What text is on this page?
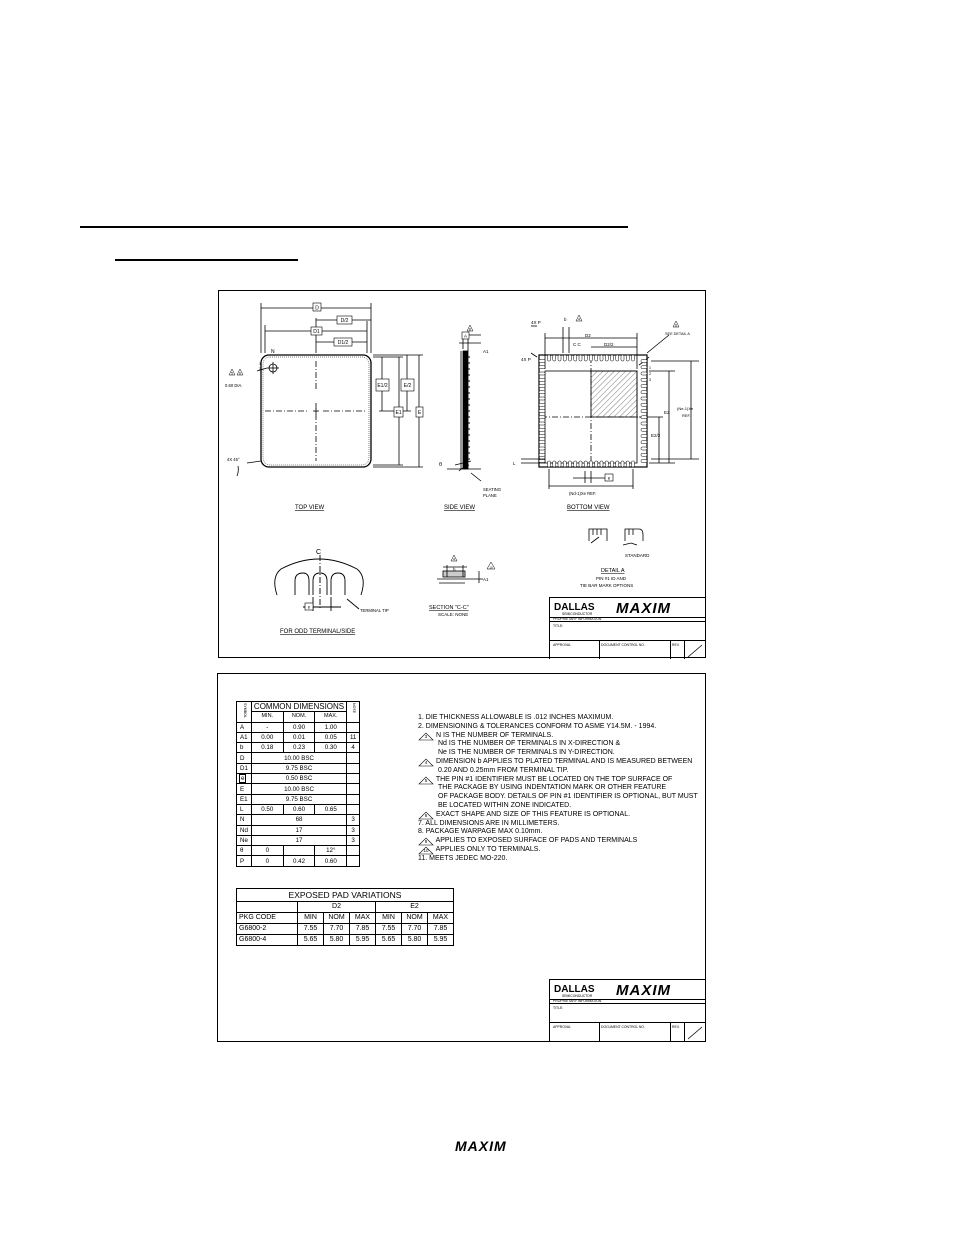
D
D/2
D1
D1/2
E1/2	E/2
E1	E
N
1
2
0.60 DIA.
4X 45°
5 6
TOP VIEW
8
A
A1
θ
SEATING
PLANE
SIDE VIEW
4X P
4X P
b	4
C C
D2
D2/2
6
SEE DETAIL A
E2
E2/2
(Ne-1)Xe
REF.
L
e
(Nd-1)Xe REF.
1
2
3
BOTTOM VIEW
STANDARD
DETAIL A
PIN #1 ID AND
TIE BAR MARK OPTIONS
C
e
TERMINAL TIP
FOR ODD TERMINAL/SIDE
4
10
b
A1
SECTION "C-C"
SCALE: NONE
DALLAS
SEMICONDUCTOR MAXIM
PROPRIETARY INFORMATION
TITLE:
APPROVAL	DOCUMENT CONTROL NO.	REV.
SYMBOL	COMMON DIMENSIONS			NOTE
	MIN.	NOM.	MAX.	
A	-	0.90	1.00	
A1	0.00	0.01	0.05	11
b	0.18	0.23	0.30	4
D	10.00 BSC			
D1	9.75 BSC			
e	0.50 BSC			
E	10.00 BSC			
E1	9.75 BSC			
L	0.50	0.60	0.65	
N	68			3
Nd	17			3
Ne	17			3
θ	0		12°	
P	0	0.42	0.60	
1. DIE THICKNESS ALLOWABLE IS .012 INCHES MAXIMUM.
2. DIMENSIONING & TOLERANCES CONFORM TO ASME Y14.5M. - 1994.
3	N IS THE NUMBER OF TERMINALS.
Nd IS THE NUMBER OF TERMINALS IN X-DIRECTION &
Ne IS THE NUMBER OF TERMINALS IN Y-DIRECTION.
4	DIMENSION b APPLIES TO PLATED TERMINAL AND IS MEASURED BETWEEN
0.20 AND 0.25mm FROM TERMINAL TIP.
5	THE PIN #1 IDENTIFIER MUST BE LOCATED ON THE TOP SURFACE OF
THE PACKAGE BY USING INDENTATION MARK OR OTHER FEATURE
OF PACKAGE BODY. DETAILS OF PIN #1 IDENTIFIER IS OPTIONAL, BUT MUST
BE LOCATED WITHIN ZONE INDICATED.
6	EXACT SHAPE AND SIZE OF THIS FEATURE IS OPTIONAL.
7. ALL DIMENSIONS ARE IN MILLIMETERS.
8. PACKAGE WARPAGE MAX 0.10mm.
9	APPLIES TO EXPOSED SURFACE OF PADS AND TERMINALS
10	APPLIES ONLY TO TERMINALS.
11. MEETS JEDEC MO-220.
EXPOSED PAD VARIATIONS						
	D2			E2		
PKG CODE	MIN	NOM	MAX	MIN	NOM	MAX
G6800-2	7.55	7.70	7.85	7.55	7.70	7.85
G6800-4	5.65	5.80	5.95	5.65	5.80	5.95
DALLAS
SEMICONDUCTOR MAXIM
PROPRIETARY INFORMATION
TITLE:
APPROVAL	DOCUMENT CONTROL NO.	REV.
MAXIM
